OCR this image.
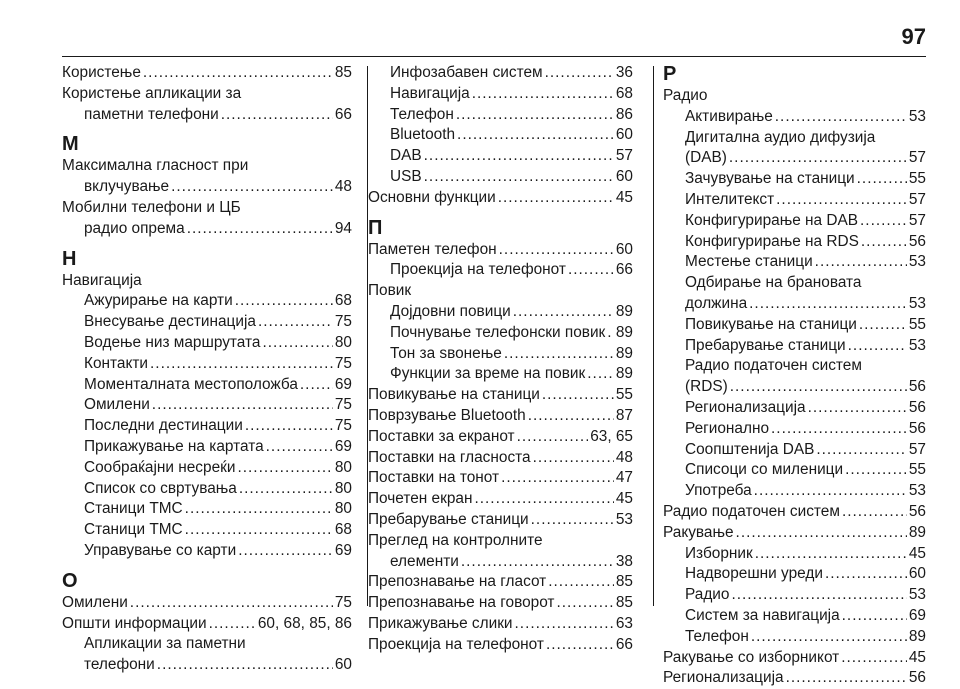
97
Користење .....	85
Користење апликации за
паметни телефони .....	66
М
Максимална гласност при
вклучување .....	48
Мобилни телефони и ЦБ
радио опрема .....	94
Н
Навигација
Ажурирање на карти .....	68
Внесување дестинација .....	75
Водење низ маршрутата .....	80
Контакти .....	75
Моменталната местоположба ..... 69
Омилени .....	75
Последни дестинации .....	75
Прикажување на картата .....	69
Сообраќајни несреќи .....	80
Список со свртувања .....	80
Станици ТМС .....	80
Станици ТМС .....	68
Управување со карти .....	69
О
Омилени .....	75
Општи информации .....	60, 68, 85, 86
Апликации за паметни
телефони .....	60
Инфозабавен систем .....	36
Навигација .....	68
Телефон .....	86
Bluetooth .....	60
DAB .....	57
USB .....	60
Основни функции .....	45
П
Паметен телефон .....	60
Проекција на телефонот .....	66
Повик
Дојдовни повици .....	89
Почнување телефонски повик ..... 89
Тон за ѕвонење .....	89
Функции за време на повик ..... 89
Повикување на станици .....	55
Поврзување Bluetooth .....	87
Поставки за екранот .....	63, 65
Поставки на гласноста .....	48
Поставки на тонот .....	47
Почетен екран .....	45
Пребарување станици .....	53
Преглед на контролните
елементи .....	38
Препознавање на гласот .....	85
Препознавање на говорот .....	85
Прикажување слики .....	63
Проекција на телефонот .....	66
Р
Радио
Активирање .....	53
Дигитална аудио дифузија
(DAB) .....	57
Зачувување на станици .....	55
Интелитекст .....	57
Конфигурирање на DAB .....	57
Конфигурирање на RDS .....	56
Местење станици .....	53
Одбирање на брановата
должина .....	53
Повикување на станици .....	55
Пребарување станици .....	53
Радио податочен систем
(RDS) .....	56
Регионализација .....	56
Регионално .....	56
Соопштенија DAB .....	57
Списоци со миленици .....	55
Употреба .....	53
Радио податочен систем .....	56
Ракување .....	89
Изборник .....	45
Надворешни уреди .....	60
Радио .....	53
Систем за навигација .....	69
Телефон .....	89
Ракување со изборникот .....	45
Регионализација .....	56
